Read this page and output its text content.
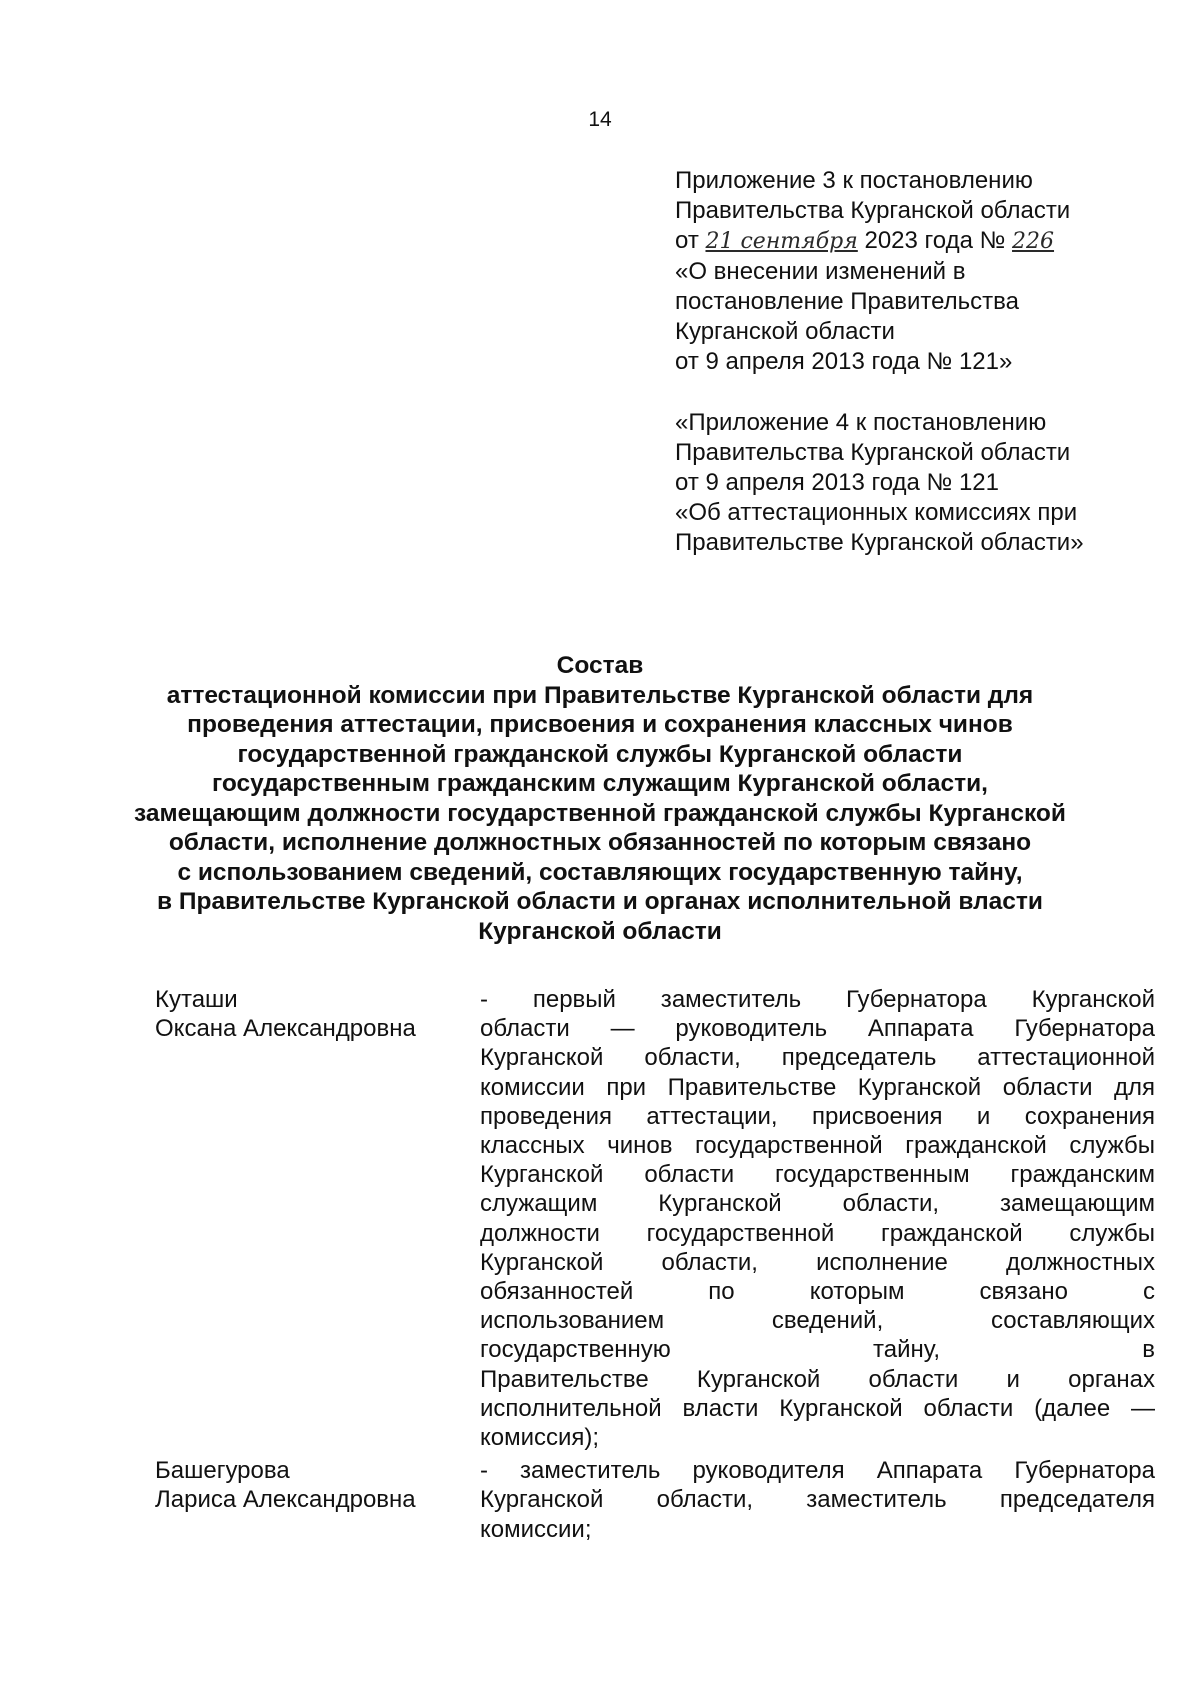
14
Приложение 3 к постановлению
Правительства Курганской области
от 21 сентября 2023 года № 226
«О внесении изменений в
постановление Правительства
Курганской области
от 9 апреля 2013 года № 121»
«Приложение 4 к постановлению
Правительства Курганской области
от 9 апреля 2013 года № 121
«Об аттестационных комиссиях при
Правительстве Курганской области»
Состав
аттестационной комиссии при Правительстве Курганской области для
проведения аттестации, присвоения и сохранения классных чинов
государственной гражданской службы Курганской области
государственным гражданским служащим Курганской области,
замещающим должности государственной гражданской службы Курганской
области, исполнение должностных обязанностей по которым связано
с использованием сведений, составляющих государственную тайну,
в Правительстве Курганской области и органах исполнительной власти
Курганской области
Куташи
Оксана Александровна
- первый заместитель Губернатора Курганской
области — руководитель Аппарата Губернатора
Курганской области, председатель аттестационной
комиссии при Правительстве Курганской области для
проведения аттестации, присвоения и сохранения
классных чинов государственной гражданской службы
Курганской области государственным гражданским
служащим Курганской области, замещающим
должности государственной гражданской службы
Курганской области, исполнение должностных
обязанностей по которым связано с
использованием сведений, составляющих
государственную тайну, в
Правительстве Курганской области и органах
исполнительной власти Курганской области (далее —
комиссия);
Башегурова
Лариса Александровна
- заместитель руководителя Аппарата Губернатора
Курганской области, заместитель председателя
комиссии;
